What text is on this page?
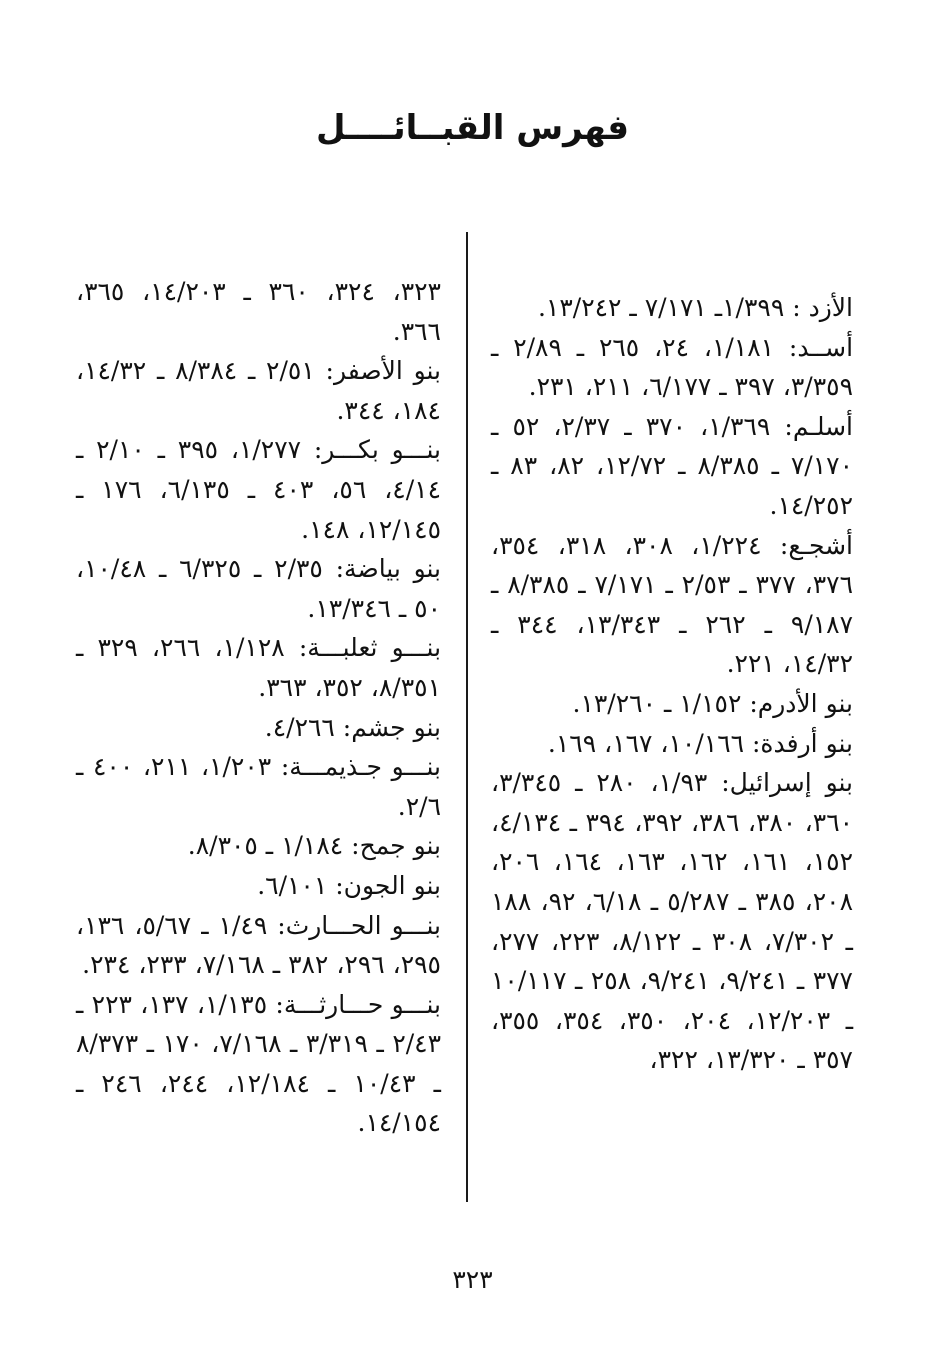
فهرس القبــائــــل

الأزد : ١/٣٩٩ـ ٧/١٧١ ـ ١٣/٢٤٢.

أســد: ١/١٨١، ٢٤، ٢٦٥ ـ ٢/٨٩ ـ ٣/٣٥٩، ٣٩٧ ـ ٦/١٧٧، ٢١١، ٢٣١.

أسلـم: ١/٣٦٩، ٣٧٠ ـ ٢/٣٧، ٥٢ ـ ٧/١٧٠ ـ ٨/٣٨٥ ـ ١٢/٧٢، ٨٢، ٨٣ ـ ١٤/٢٥٢.

أشجـع: ١/٢٢٤، ٣٠٨، ٣١٨، ٣٥٤، ٣٧٦، ٣٧٧ ـ ٢/٥٣ ـ ٧/١٧١ ـ ٨/٣٨٥ ـ ٩/١٨٧ ـ ٢٦٢ ـ ١٣/٣٤٣، ٣٤٤ ـ ١٤/٣٢، ٢٢١.

بنو الأدرم: ١/١٥٢ ـ ١٣/٢٦٠.

بنو أرفدة: ١٠/١٦٦، ١٦٧، ١٦٩.

بنو إسرائيل: ١/٩٣، ٢٨٠ ـ ٣/٣٤٥، ٣٦٠، ٣٨٠، ٣٨٦، ٣٩٢، ٣٩٤ ـ ٤/١٣٤، ١٥٢، ١٦١، ١٦٢، ١٦٣، ١٦٤، ٢٠٦، ٢٠٨، ٣٨٥ ـ ٥/٢٨٧ ـ ٦/١٨، ٩٢، ١٨٨ ـ ٧/٣٠٢، ٣٠٨ ـ ٨/١٢٢، ٢٢٣، ٢٧٧، ٣٧٧ ـ ٩/٢٤١، ٩/٢٤١، ٢٥٨ ـ ١٠/١١٧ ـ ١٢/٢٠٣، ٢٠٤، ٣٥٠، ٣٥٤، ٣٥٥، ٣٥٧ ـ ١٣/٣٢٠، ٣٢٢،

٣٢٣، ٣٢٤، ٣٦٠ ـ ١٤/٢٠٣، ٣٦٥، ٣٦٦.

بنو الأصفر: ٢/٥١ ـ ٨/٣٨٤ ـ ١٤/٣٢، ١٨٤، ٣٤٤.

بنـــو بكـــر: ١/٢٧٧، ٣٩٥ ـ ٢/١٠ ـ ٤/١٤، ٥٦، ٤٠٣ ـ ٦/١٣٥، ١٧٦ ـ ١٢/١٤٥، ١٤٨.

بنو بياضة: ٢/٣٥ ـ ٦/٣٢٥ ـ ١٠/٤٨، ٥٠ ـ ١٣/٣٤٦.

بنـــو ثعلبـــة: ١/١٢٨، ٢٦٦، ٣٢٩ ـ ٨/٣٥١، ٣٥٢، ٣٦٣.

بنو جشم: ٤/٢٦٦.

بنـــو جـذيمـــة: ١/٢٠٣، ٢١١، ٤٠٠ ـ ٢/٦.

بنو جمح: ١/١٨٤ ـ ٨/٣٠٥.

بنو الجون: ٦/١٠١.

بنـــو الحـــارث: ١/٤٩ ـ ٥/٦٧، ١٣٦، ٢٩٥، ٢٩٦، ٣٨٢ ـ ٧/١٦٨، ٢٣٣، ٢٣٤.

بنـــو حـــارثـــة: ١/١٣٥، ١٣٧، ٢٢٣ ـ ٢/٤٣ ـ ٣/٣١٩ ـ ٧/١٦٨، ١٧٠ ـ ٨/٣٧٣ ـ ١٠/٤٣ ـ ١٢/١٨٤، ٢٤٤، ٢٤٦ ـ ١٤/١٥٤.

٣٢٣
